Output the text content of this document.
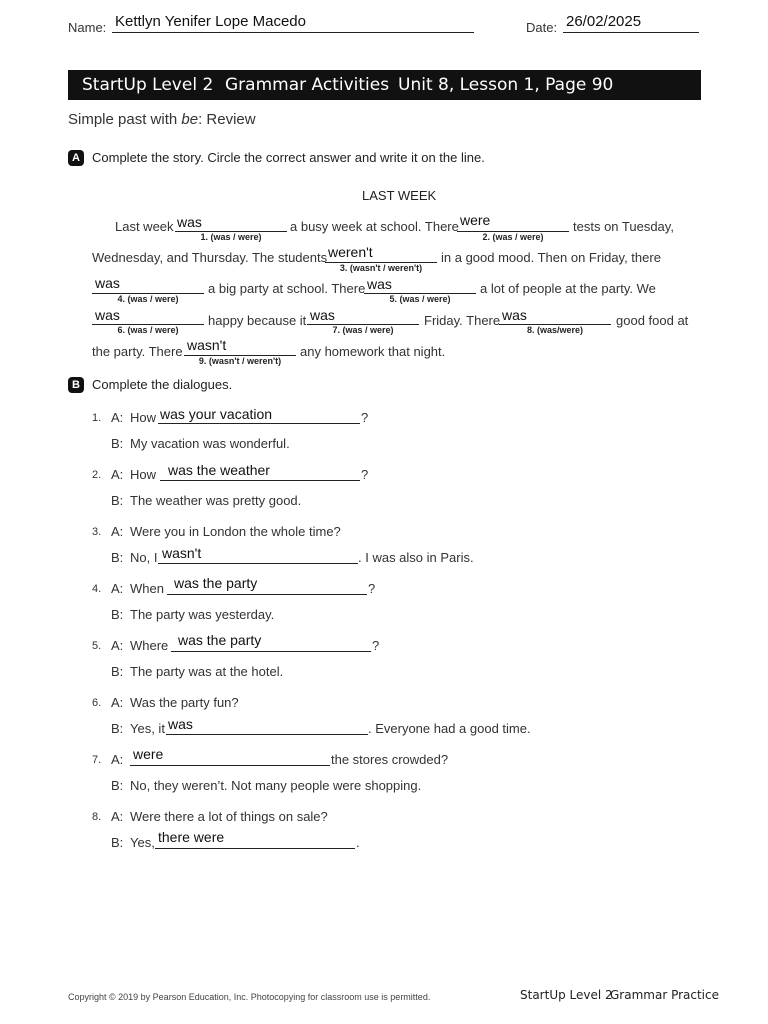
Name: Kettlyn Yenifer Lope Macedo	Date: 26/02/2025
StartUp Level 2 Grammar Activities Unit 8, Lesson 1, Page 90
Simple past with be: Review
A Complete the story. Circle the correct answer and write it on the line.
LAST WEEK
Last week was
1. (was / were)
a busy week at school. There were
2. (was / were)
tests on Tuesday,
Wednesday, and Thursday. The students weren't
3. (wasn't / weren't)
in a good mood. Then on Friday, there
was
4. (was / were)
a big party at school. There was
5. (was / were)
a lot of people at the party. We
was
6. (was / were)
happy because it was
7. (was / were)
Friday. There was
8. (was/were)
good food at
the party. There wasn't
9. (wasn't / weren't)
any homework that night.
B Complete the dialogues.
1. A: How was your vacation	?
B: My vacation was wonderful.
2. A: How was the weather	?
B: The weather was pretty good.
3. A: Were you in London the whole time?
B: No, I wasn't	. I was also in Paris.
4. A: When was the party	?
B: The party was yesterday.
5. A: Where was the party	?
B: The party was at the hotel.
6. A: Was the party fun?
B: Yes, it was	. Everyone had a good time.
7. A: were	the stores crowded?
B: No, they weren’t. Not many people were shopping.
8. A: Were there a lot of things on sale?
B: Yes, there were	.
Copyright © 2019 by Pearson Education, Inc. Photocopying for classroom use is permitted.	StartUp Level 2
Grammar Practice
